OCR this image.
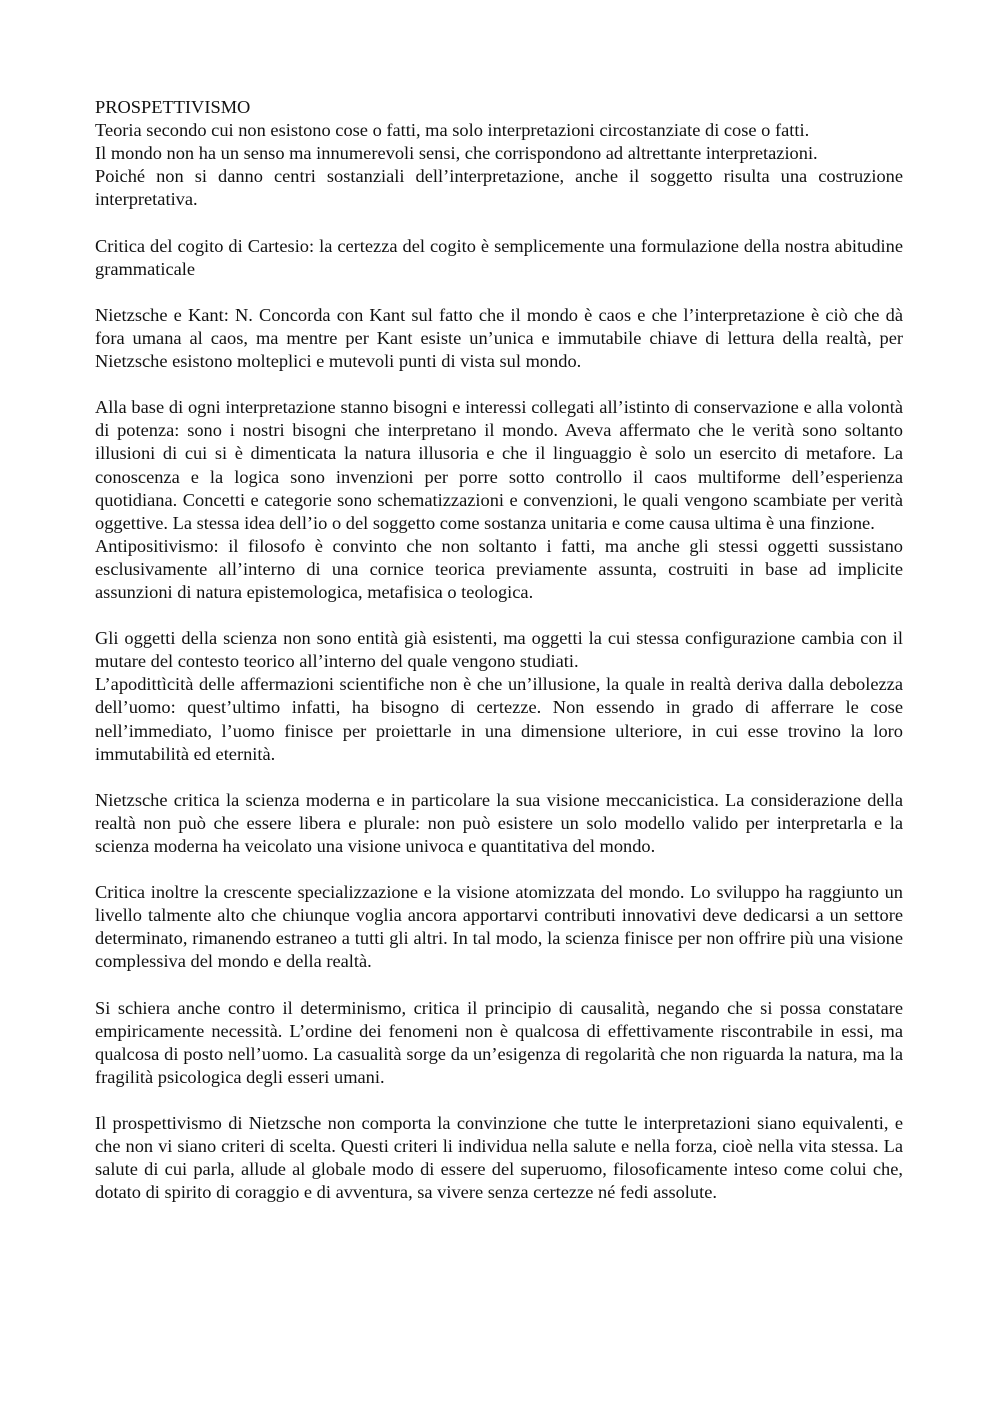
PROSPETTIVISMO

Teoria secondo cui non esistono cose o fatti, ma solo interpretazioni circostanziate di cose o fatti.

Il mondo non ha un senso ma innumerevoli sensi, che corrispondono ad altrettante interpretazioni.

Poiché non si danno centri sostanziali dell’interpretazione, anche il soggetto risulta una costruzione interpretativa.

Critica del cogito di Cartesio: la certezza del cogito è semplicemente una formulazione della nostra abitudine grammaticale

Nietzsche e Kant: N. Concorda con Kant sul fatto che il mondo è caos e che l’interpretazione è ciò che dà fora umana al caos, ma mentre per Kant esiste un’unica e immutabile chiave di lettura della realtà, per Nietzsche esistono molteplici e mutevoli punti di vista sul mondo.

Alla base di ogni interpretazione stanno bisogni e interessi collegati all’istinto di conservazione e alla volontà di potenza: sono i nostri bisogni che interpretano il mondo. Aveva affermato che le verità sono soltanto illusioni di cui si è dimenticata la natura illusoria e che il linguaggio è solo un esercito di metafore. La conoscenza e la logica sono invenzioni per porre sotto controllo il caos multiforme dell’esperienza quotidiana. Concetti e categorie sono schematizzazioni e convenzioni, le quali vengono scambiate per verità oggettive. La stessa idea dell’io o del soggetto come sostanza unitaria e come causa ultima è una finzione.

Antipositivismo: il filosofo è convinto che non soltanto i fatti, ma anche gli stessi oggetti sussistano esclusivamente all’interno di una cornice teorica previamente assunta, costruiti in base ad implicite assunzioni di natura epistemologica, metafisica o teologica.

Gli oggetti della scienza non sono entità già esistenti, ma oggetti la cui stessa configurazione cambia con il mutare del contesto teorico all’interno del quale vengono studiati.

L’apodittìcità delle affermazioni scientifiche non è che un’illusione, la quale in realtà deriva dalla debolezza dell’uomo: quest’ultimo infatti, ha bisogno di certezze. Non essendo in grado di afferrare le cose nell’immediato, l’uomo finisce per proiettarle in una dimensione ulteriore, in cui esse trovino la loro immutabilità ed eternità.

Nietzsche critica la scienza moderna e in particolare la sua visione meccanicistica. La considerazione della realtà non può che essere libera e plurale: non può esistere un solo modello valido per interpretarla e la scienza moderna ha veicolato una visione univoca e quantitativa del mondo.

Critica inoltre la crescente specializzazione e la visione atomizzata del mondo. Lo sviluppo ha raggiunto un livello talmente alto che chiunque voglia ancora apportarvi contributi innovativi deve dedicarsi a un settore determinato, rimanendo estraneo a tutti gli altri. In tal modo, la scienza finisce per non offrire più una visione complessiva del mondo e della realtà.

Si schiera anche contro il determinismo, critica il principio di causalità, negando che si possa constatare empiricamente necessità. L’ordine dei fenomeni non è qualcosa di effettivamente riscontrabile in essi, ma qualcosa di posto nell’uomo. La casualità sorge da un’esigenza di regolarità che non riguarda la natura, ma la fragilità psicologica degli esseri umani.

Il prospettivismo di Nietzsche non comporta la convinzione che tutte le interpretazioni siano equivalenti, e che non vi siano criteri di scelta. Questi criteri li individua nella salute e nella forza, cioè nella vita stessa. La salute di cui parla, allude al globale modo di essere del superuomo, filosoficamente inteso come colui che, dotato di spirito di coraggio e di avventura, sa vivere senza certezze né fedi assolute.
